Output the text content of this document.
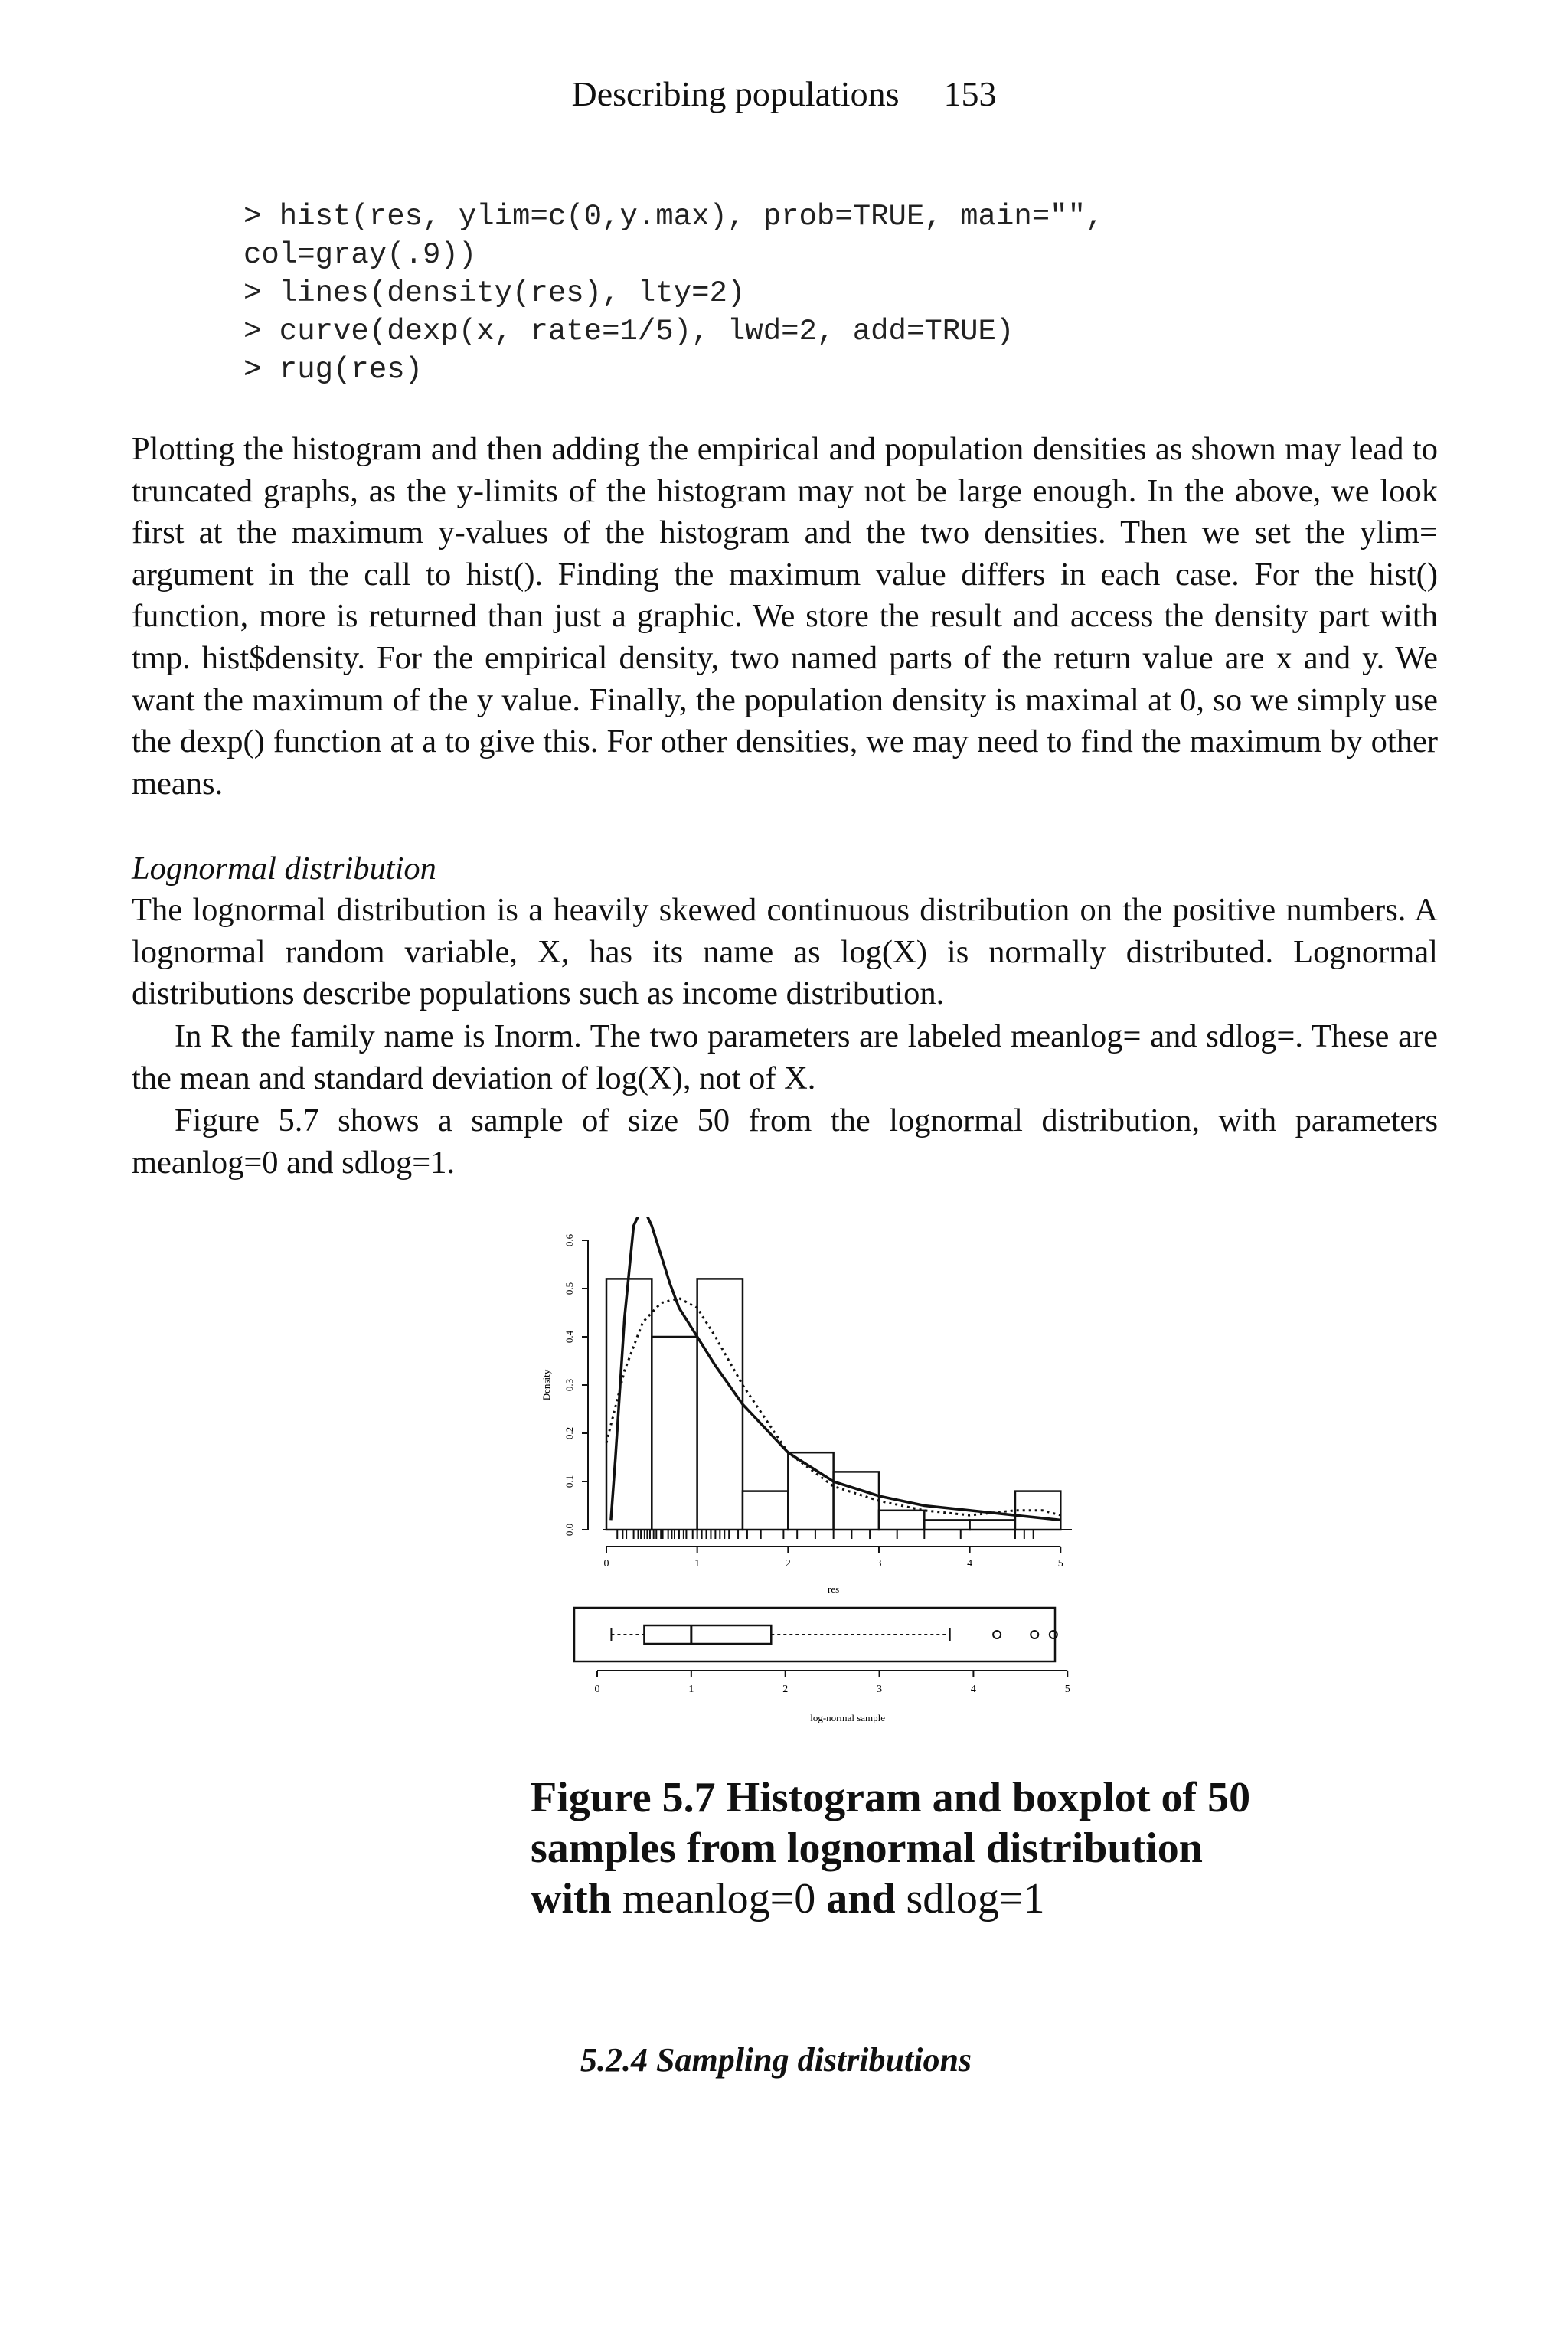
Describing populations 153
> hist(res, ylim=c(0,y.max), prob=TRUE, main="",
col=gray(.9))
> lines(density(res), lty=2)
> curve(dexp(x, rate=1/5), lwd=2, add=TRUE)
> rug(res)

Plotting the histogram and then adding the empirical and population densities as shown may lead to truncated graphs, as the y-limits of the histogram may not be large enough. In the above, we look first at the maximum y-values of the histogram and the two densities. Then we set the ylim= argument in the call to hist(). Finding the maximum value differs in each case. For the hist() function, more is returned than just a graphic. We store the result and access the density part with tmp. hist$density. For the empirical density, two named parts of the return value are x and y. We want the maximum of the y value. Finally, the population density is maximal at 0, so we simply use the dexp() function at a to give this. For other densities, we may need to find the maximum by other means.

Lognormal distribution

The lognormal distribution is a heavily skewed continuous distribution on the positive numbers. A lognormal random variable, X, has its name as log(X) is normally distributed. Lognormal distributions describe populations such as income distribution.

In R the family name is Inorm. The two parameters are labeled meanlog= and sdlog=. These are the mean and standard deviation of log(X), not of X.

Figure 5.7 shows a sample of size 50 from the lognormal distribution, with parameters meanlog=0 and sdlog=1.

0.0
0.1
0.2
0.3
0.4
0.5
0.6
Density
0	1	2	3	4	5
res
0	1	2	3	4	5
log-normal sample
Figure 5.7 Histogram and boxplot of 50 samples from lognormal distribution with meanlog=0 and sdlog=1
5.2.4 Sampling distributions
